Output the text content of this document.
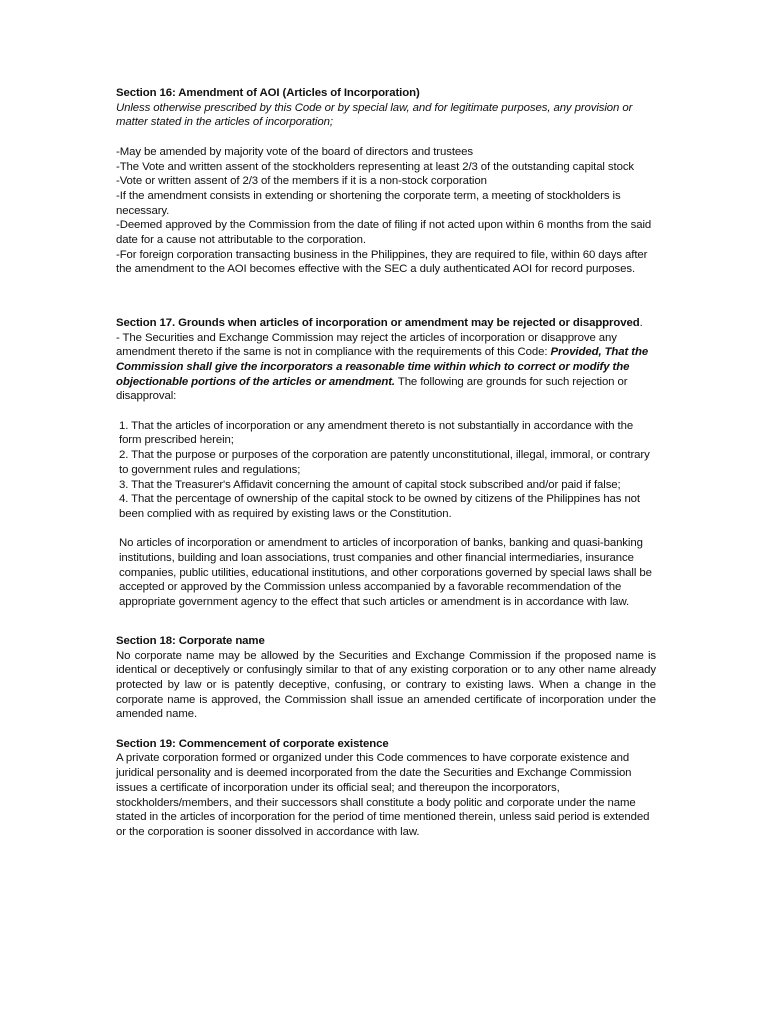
Section 16: Amendment of AOI (Articles of Incorporation)

Unless otherwise prescribed by this Code or by special law, and for legitimate purposes, any provision or matter stated in the articles of incorporation;

-May be amended by majority vote of the board of directors and trustees

-The Vote and written assent of the stockholders representing at least 2/3 of the outstanding capital stock

-Vote or written assent of 2/3 of the members if it is a non-stock corporation

-If the amendment consists in extending or shortening the corporate term, a meeting of stockholders is necessary.

-Deemed approved by the Commission from the date of filing if not acted upon within 6 months from the said date for a cause not attributable to the corporation.

-For foreign corporation transacting business in the Philippines, they are required to file, within 60 days after the amendment to the AOI becomes effective with the SEC a duly authenticated AOI for record purposes.

Section 17. Grounds when articles of incorporation or amendment may be rejected or disapproved.

- The Securities and Exchange Commission may reject the articles of incorporation or disapprove any amendment thereto if the same is not in compliance with the requirements of this Code: Provided, That the Commission shall give the incorporators a reasonable time within which to correct or modify the objectionable portions of the articles or amendment. The following are grounds for such rejection or disapproval:

1. That the articles of incorporation or any amendment thereto is not substantially in accordance with the form prescribed herein;
2. That the purpose or purposes of the corporation are patently unconstitutional, illegal, immoral, or contrary to government rules and regulations;
3. That the Treasurer's Affidavit concerning the amount of capital stock subscribed and/or paid if false;
4. That the percentage of ownership of the capital stock to be owned by citizens of the Philippines has not been complied with as required by existing laws or the Constitution.

No articles of incorporation or amendment to articles of incorporation of banks, banking and quasi-banking institutions, building and loan associations, trust companies and other financial intermediaries, insurance companies, public utilities, educational institutions, and other corporations governed by special laws shall be accepted or approved by the Commission unless accompanied by a favorable recommendation of the appropriate government agency to the effect that such articles or amendment is in accordance with law.

Section 18: Corporate name

No corporate name may be allowed by the Securities and Exchange Commission if the proposed name is identical or deceptively or confusingly similar to that of any existing corporation or to any other name already protected by law or is patently deceptive, confusing, or contrary to existing laws. When a change in the corporate name is approved, the Commission shall issue an amended certificate of incorporation under the amended name.

Section 19: Commencement of corporate existence

A private corporation formed or organized under this Code commences to have corporate existence and juridical personality and is deemed incorporated from the date the Securities and Exchange Commission issues a certificate of incorporation under its official seal; and thereupon the incorporators, stockholders/members, and their successors shall constitute a body politic and corporate under the name stated in the articles of incorporation for the period of time mentioned therein, unless said period is extended or the corporation is sooner dissolved in accordance with law.
